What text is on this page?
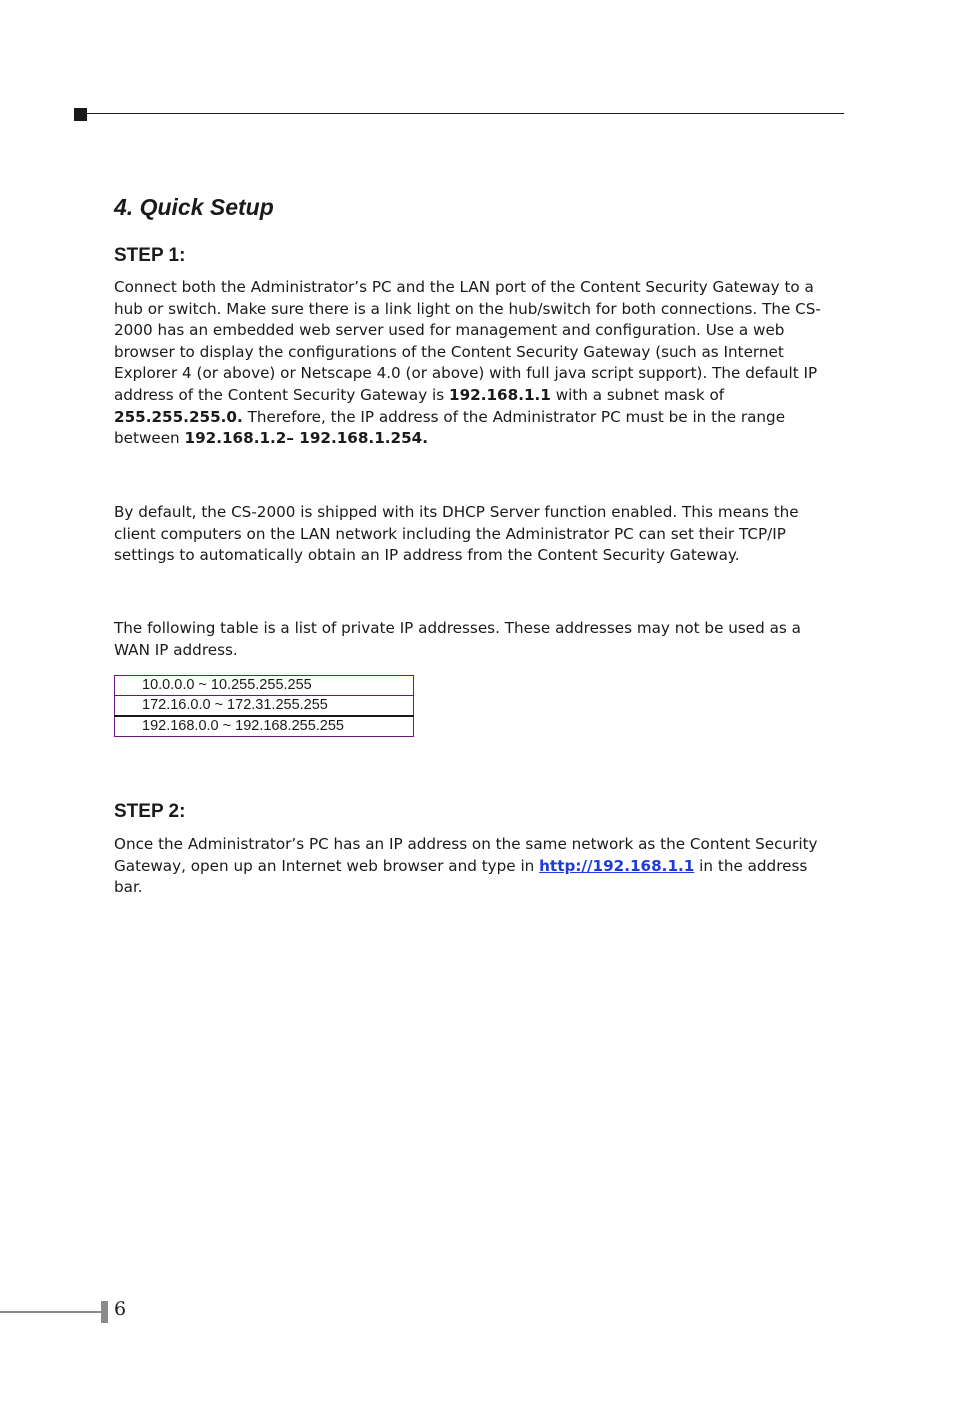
4. Quick Setup
STEP 1:

Connect both the Administrator’s PC and the LAN port of the Content Security Gateway to a hub or switch. Make sure there is a link light on the hub/switch for both connections. The CS-2000 has an embedded web server used for management and configuration. Use a web browser to display the configurations of the Content Security Gateway (such as Internet Explorer 4 (or above) or Netscape 4.0 (or above) with full java script support). The default IP address of the Content Security Gateway is 192.168.1.1 with a subnet mask of 255.255.255.0. Therefore, the IP address of the Administrator PC must be in the range between 192.168.1.2– 192.168.1.254.

By default, the CS-2000 is shipped with its DHCP Server function enabled. This means the client computers on the LAN network including the Administrator PC can set their TCP/IP settings to automatically obtain an IP address from the Content Security Gateway.

The following table is a list of private IP addresses. These addresses may not be used as a WAN IP address.

10.0.0.0 ~ 10.255.255.255
172.16.0.0 ~ 172.31.255.255
192.168.0.0 ~ 192.168.255.255
STEP 2:

Once the Administrator’s PC has an IP address on the same network as the Content Security Gateway, open up an Internet web browser and type in http://192.168.1.1 in the address bar.

6
